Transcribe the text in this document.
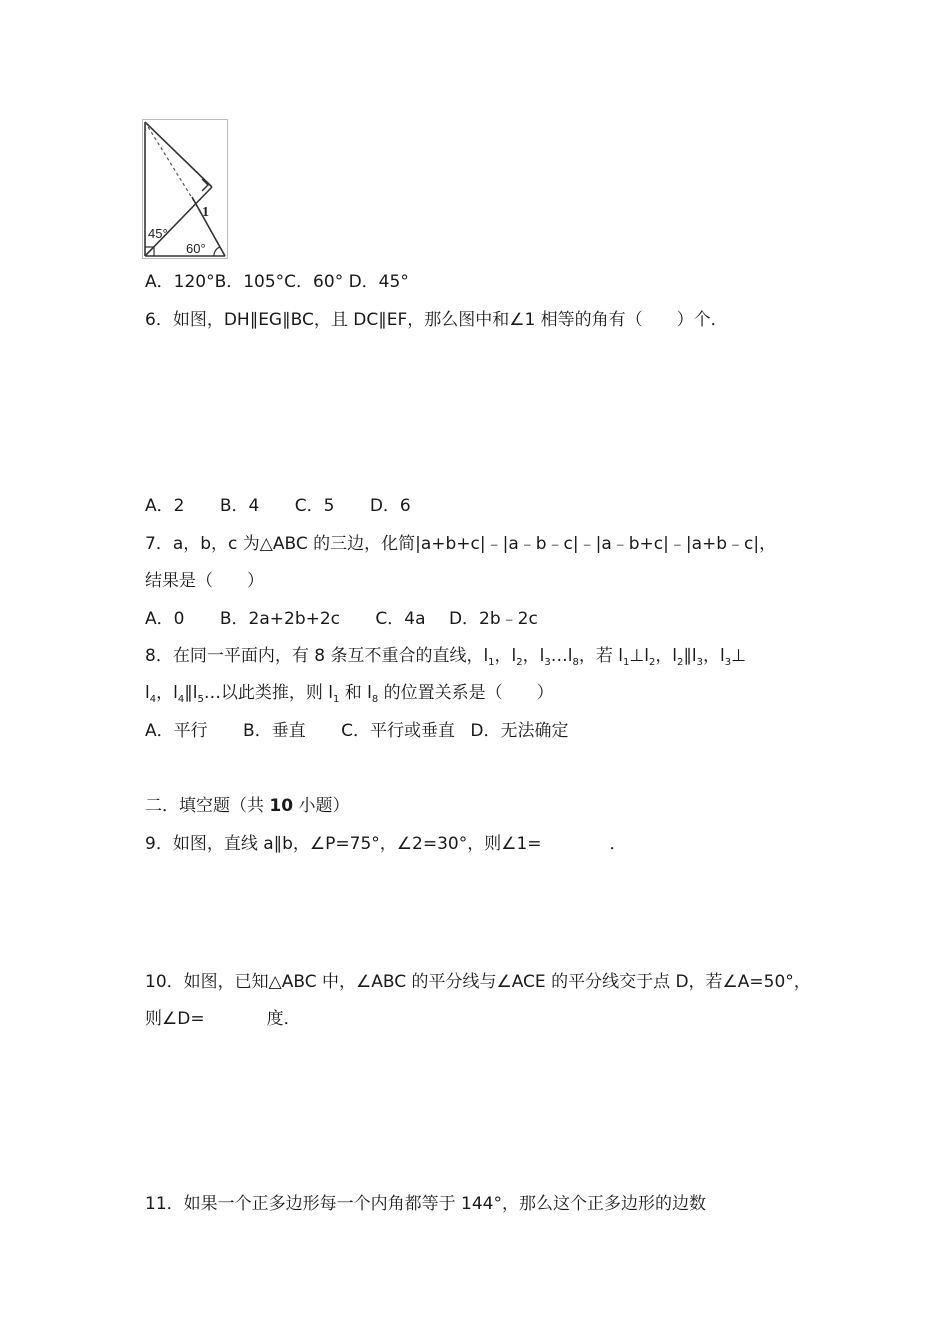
1
45°
60°
A．120°B．105°C．60° D．45°
6．如图，DH∥EG∥BC，且 DC∥EF，那么图中和∠1 相等的角有（　　）个．
A．2 B．4 C．5 D．6
7．a，b，c 为△ABC 的三边，化简|a+b+c|﹣|a﹣b﹣c|﹣|a﹣b+c|﹣|a+b﹣c|，
结果是（　　）
A．0 B．2a+2b+2c C．4a D．2b﹣2c
8．在同一平面内，有 8 条互不重合的直线，$l_1$，$l_2$，$l_3\dots l_8$，若 $l_1\perp l_2$，$l_2\parallel l_3$，$l_3\perp$
$l_4$，$l_4\parallel l_5\dots$以此类推，则 $l_1$ 和 $l_8$ 的位置关系是（　　）
A．平行 B．垂直 C．平行或垂直 D．无法确定
二．填空题（共 10 小题）
9．如图，直线 a∥b，∠P=75°，∠2=30°，则∠1=	．
10．如图，已知△ABC 中，∠ABC 的平分线与∠ACE 的平分线交于点 D，若∠A=50°，
则∠D=	度．
11．如果一个正多边形每一个内角都等于 144°，那么这个正多边形的边数
